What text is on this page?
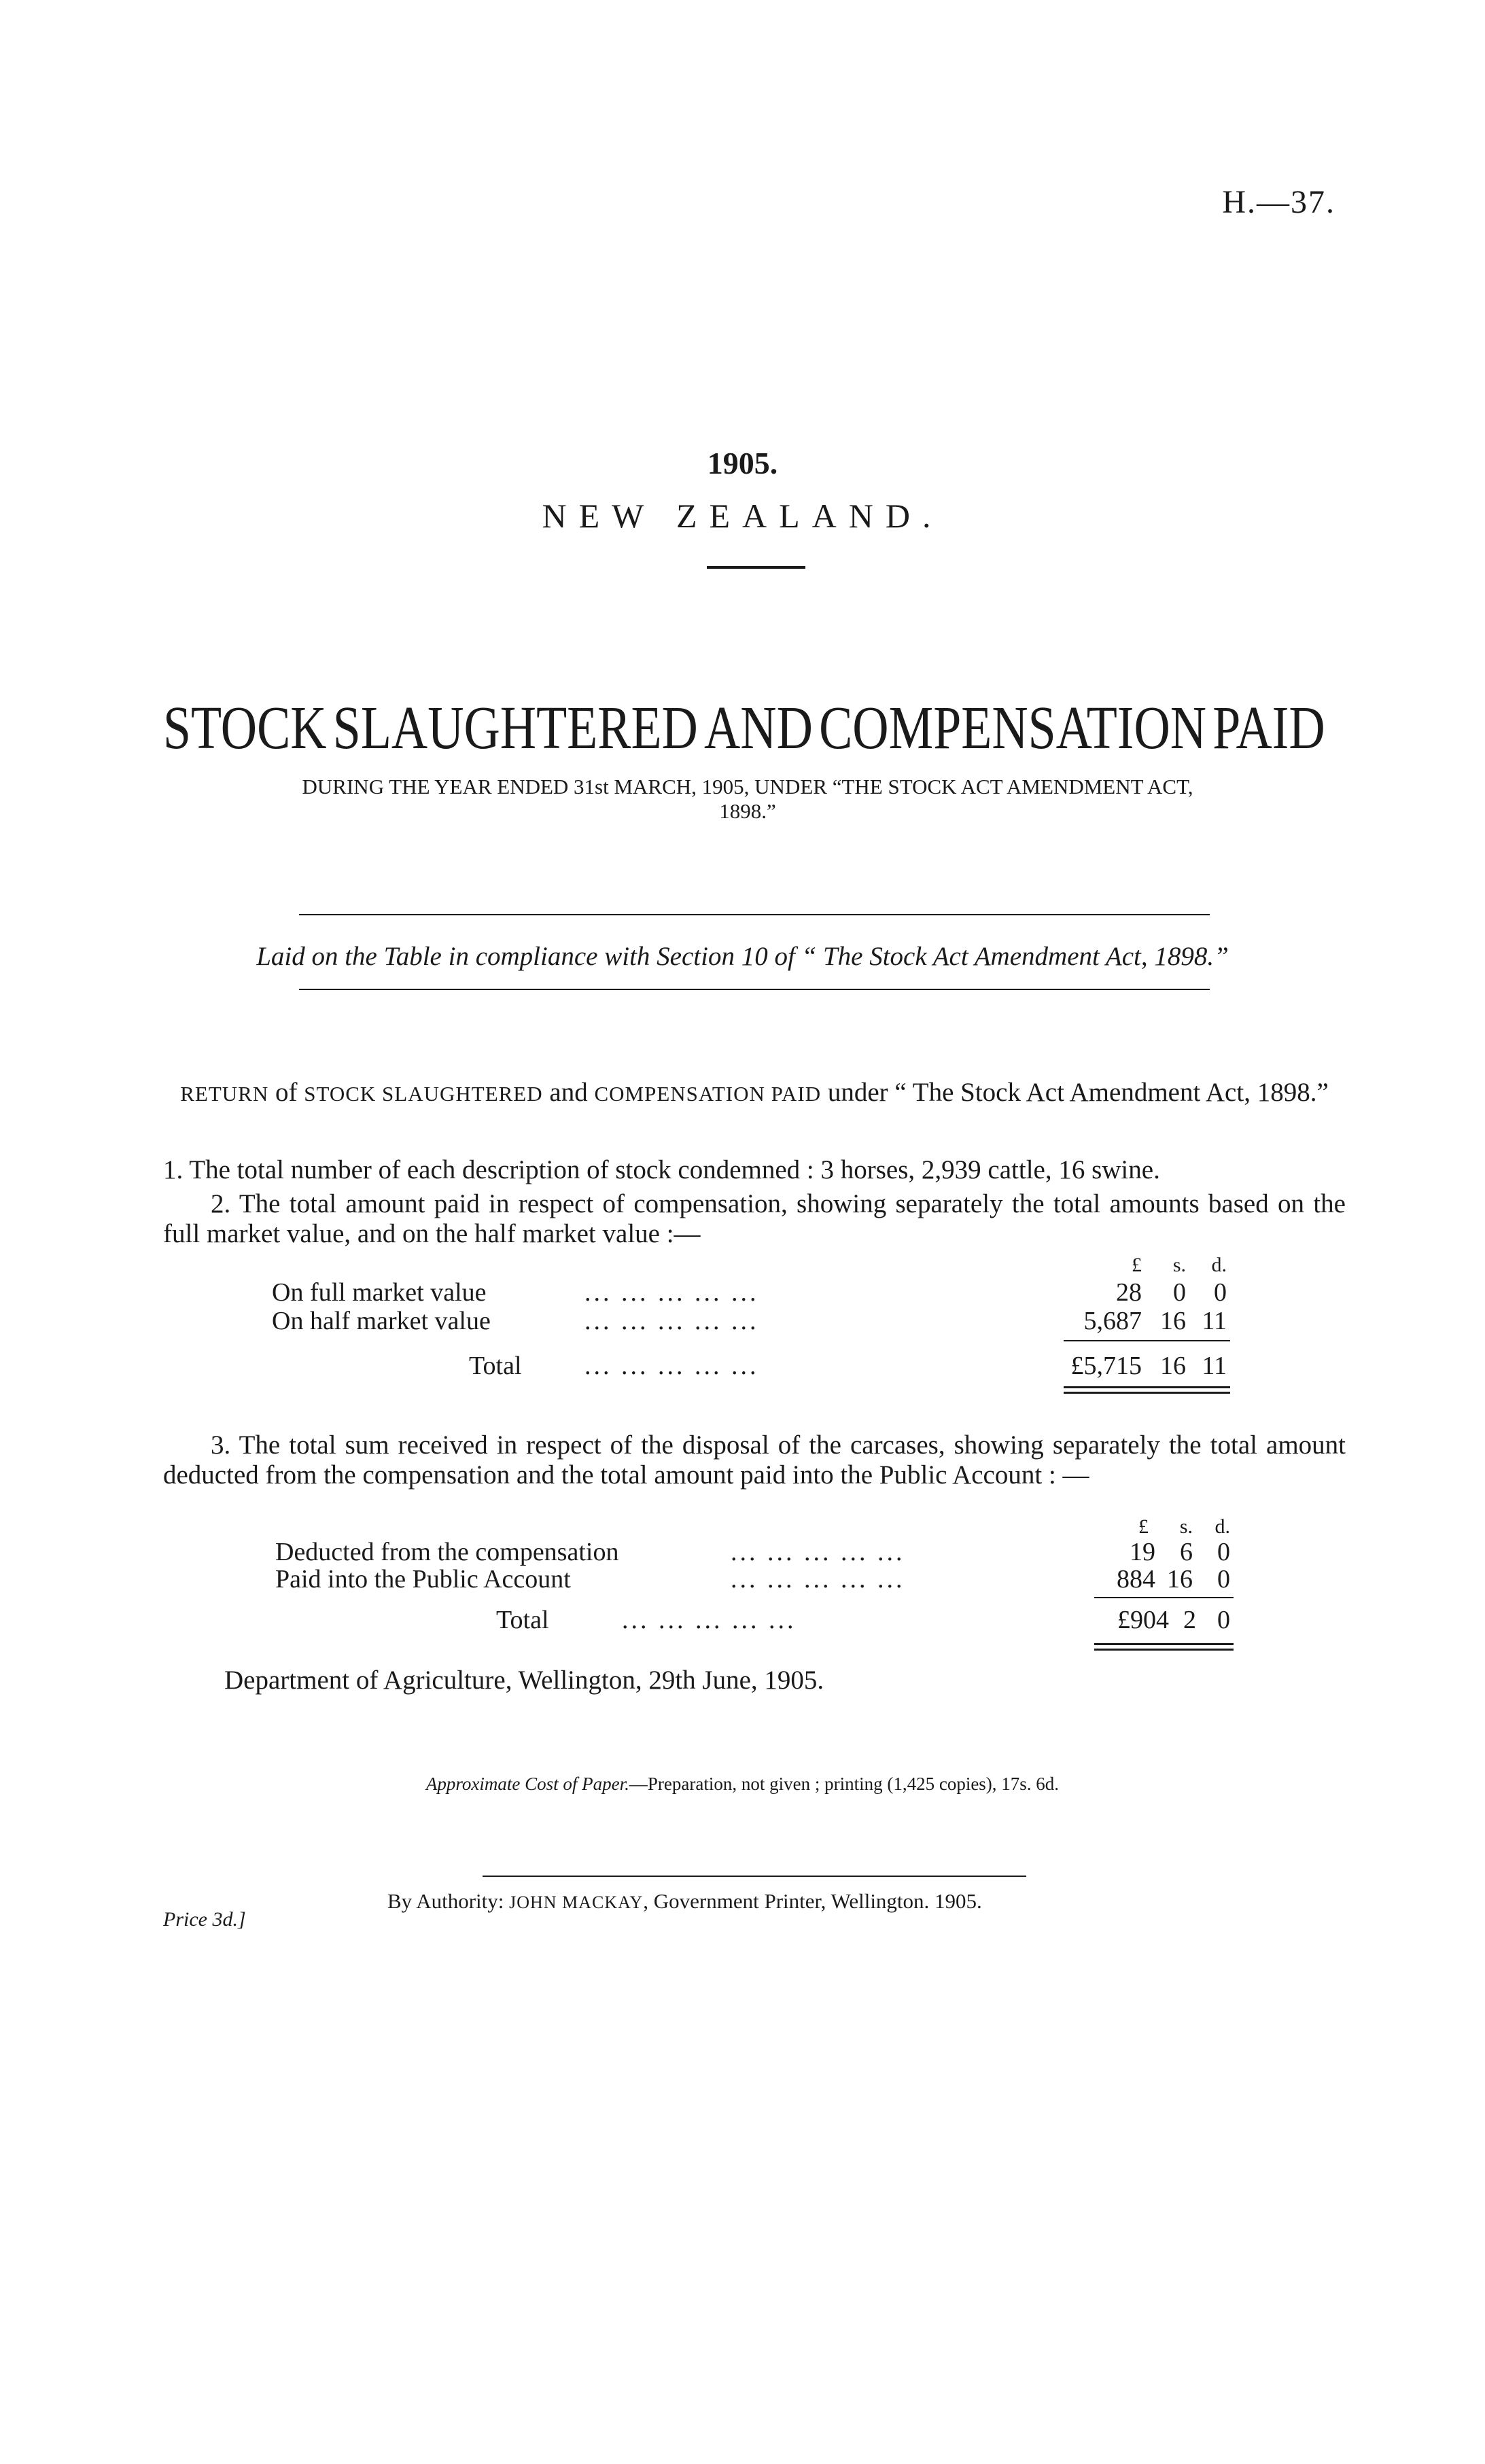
H.—37.
1905.
NEW ZEALAND.
STOCK SLAUGHTERED AND COMPENSATION PAID
DURING THE YEAR ENDED 31st MARCH, 1905, UNDER “THE STOCK ACT AMENDMENT ACT, 1898.”
Laid on the Table in compliance with Section 10 of “ The Stock Act Amendment Act, 1898.”
RETURN of STOCK SLAUGHTERED and COMPENSATION PAID under “ The Stock Act Amendment Act, 1898.”
1. The total number of each description of stock condemned : 3 horses, 2,939 cattle, 16 swine.
2. The total amount paid in respect of compensation, showing separately the total amounts based on the full market value, and on the half market value :—
£	s.	d.
On full market value	... ... ... ... ...	28	0	0
On half market value	... ... ... ... ...	5,687 16 11
Total ... ... ... ... ...	£5,715 16 11
3. The total sum received in respect of the disposal of the carcases, showing separately the total amount deducted from the compensation and the total amount paid into the Public Account : —
£	s.	d.
Deducted from the compensation	... ... ... ... ...	19 6 0
Paid into the Public Account	... ... ... ... ...	884 16 0
Total	... ... ... ... ...	£904 2 0
Department of Agriculture, Wellington, 29th June, 1905.
Approximate Cost of Paper.—Preparation, not given ; printing (1,425 copies), 17s. 6d.
By Authority: JOHN MACKAY, Government Printer, Wellington. 1905.
Price 3d.]
